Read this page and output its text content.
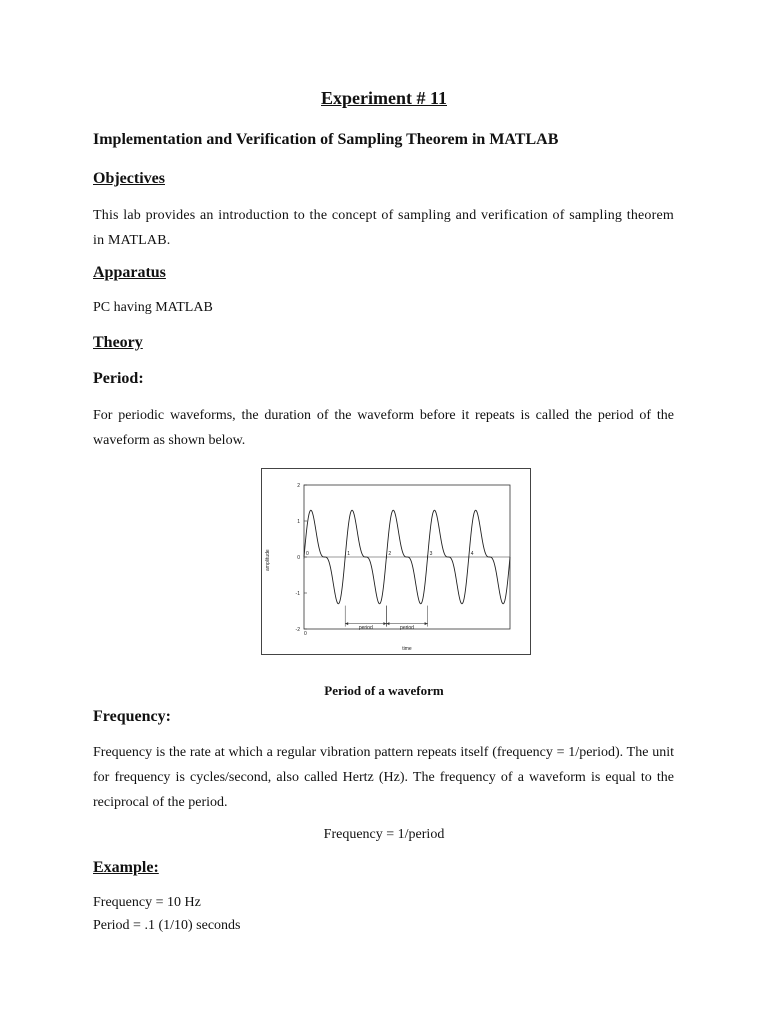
Experiment # 11
Implementation and Verification of Sampling Theorem in MATLAB
Objectives

This lab provides an introduction to the concept of sampling and verification of sampling theorem in MATLAB.

Apparatus

PC having MATLAB

Theory
Period:

For periodic waveforms, the duration of the waveform before it repeats is called the period of the waveform as shown below.

2
1
0
-1
-2
0	1	2	3	4
0
period	period
amplitude
time

Period of a waveform

Frequency:

Frequency is the rate at which a regular vibration pattern repeats itself (frequency = 1/period). The unit for frequency is cycles/second, also called Hertz (Hz). The frequency of a waveform is equal to the reciprocal of the period.

Frequency = 1/period

Example:

Frequency = 10 Hz

Period = .1 (1/10) seconds
